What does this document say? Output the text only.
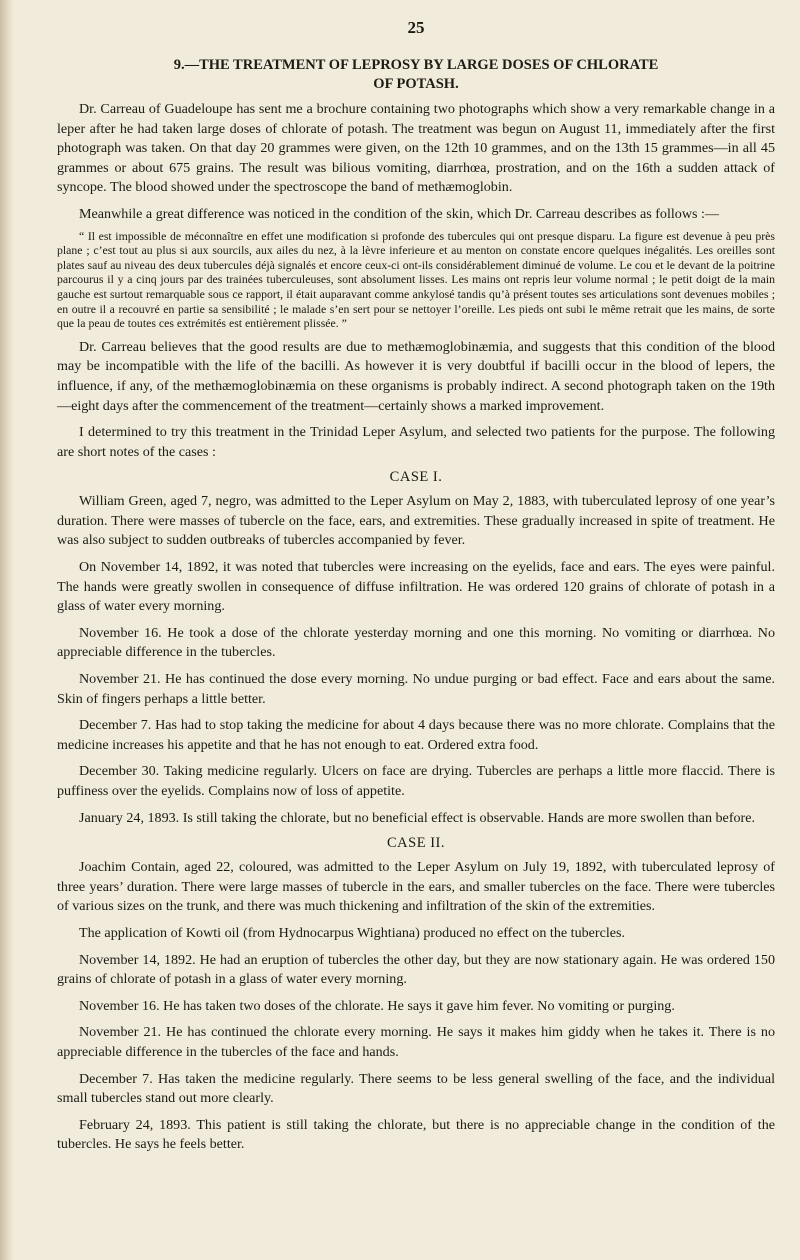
25
9.—THE TREATMENT OF LEPROSY BY LARGE DOSES OF CHLORATE
OF POTASH.

Dr. Carreau of Guadeloupe has sent me a brochure containing two photographs which show a very remarkable change in a leper after he had taken large doses of chlorate of potash. The treatment was begun on August 11, immediately after the first photograph was taken. On that day 20 grammes were given, on the 12th 10 grammes, and on the 13th 15 grammes—in all 45 grammes or about 675 grains. The result was bilious vomiting, diarrhœa, prostration, and on the 16th a sudden attack of syncope. The blood showed under the spectroscope the band of methæmoglobin.

Meanwhile a great difference was noticed in the condition of the skin, which Dr. Carreau describes as follows :—

“ Il est impossible de méconnaître en effet une modification si profonde des tubercules qui ont presque disparu. La figure est devenue à peu près plane ; c’est tout au plus si aux sourcils, aux ailes du nez, à la lèvre inferieure et au menton on constate encore quelques inégalités. Les oreilles sont plates sauf au niveau des deux tubercules déjà signalés et encore ceux-ci ont-ils considérablement diminué de volume. Le cou et le devant de la poitrine parcourus il y a cinq jours par des trainées tuberculeuses, sont absolument lisses. Les mains ont repris leur volume normal ; le petit doigt de la main gauche est surtout remarquable sous ce rapport, il était auparavant comme ankylosé tandis qu’à présent toutes ses articulations sont devenues mobiles ; en outre il a recouvré en partie sa sensibilité ; le malade s’en sert pour se nettoyer l’oreille. Les pieds ont subi le même retrait que les mains, de sorte que la peau de toutes ces extrémités est entièrement plissée. ”

Dr. Carreau believes that the good results are due to methæmoglobinæmia, and suggests that this condition of the blood may be incompatible with the life of the bacilli. As however it is very doubtful if bacilli occur in the blood of lepers, the influence, if any, of the methæmoglobinæmia on these organisms is probably indirect. A second photograph taken on the 19th—eight days after the commencement of the treatment—certainly shows a marked improvement.

I determined to try this treatment in the Trinidad Leper Asylum, and selected two patients for the purpose. The following are short notes of the cases :

CASE I.

William Green, aged 7, negro, was admitted to the Leper Asylum on May 2, 1883, with tuberculated leprosy of one year’s duration. There were masses of tubercle on the face, ears, and extremities. These gradually increased in spite of treatment. He was also subject to sudden outbreaks of tubercles accompanied by fever.

On November 14, 1892, it was noted that tubercles were increasing on the eyelids, face and ears. The eyes were painful. The hands were greatly swollen in consequence of diffuse infiltration. He was ordered 120 grains of chlorate of potash in a glass of water every morning.

November 16. He took a dose of the chlorate yesterday morning and one this morning. No vomiting or diarrhœa. No appreciable difference in the tubercles.

November 21. He has continued the dose every morning. No undue purging or bad effect. Face and ears about the same. Skin of fingers perhaps a little better.

December 7. Has had to stop taking the medicine for about 4 days because there was no more chlorate. Complains that the medicine increases his appetite and that he has not enough to eat. Ordered extra food.

December 30. Taking medicine regularly. Ulcers on face are drying. Tubercles are perhaps a little more flaccid. There is puffiness over the eyelids. Complains now of loss of appetite.

January 24, 1893. Is still taking the chlorate, but no beneficial effect is observable. Hands are more swollen than before.

CASE II.

Joachim Contain, aged 22, coloured, was admitted to the Leper Asylum on July 19, 1892, with tuberculated leprosy of three years’ duration. There were large masses of tubercle in the ears, and smaller tubercles on the face. There were tubercles of various sizes on the trunk, and there was much thickening and infiltration of the skin of the extremities.

The application of Kowti oil (from Hydnocarpus Wightiana) produced no effect on the tubercles.

November 14, 1892. He had an eruption of tubercles the other day, but they are now stationary again. He was ordered 150 grains of chlorate of potash in a glass of water every morning.

November 16. He has taken two doses of the chlorate. He says it gave him fever. No vomiting or purging.

November 21. He has continued the chlorate every morning. He says it makes him giddy when he takes it. There is no appreciable difference in the tubercles of the face and hands.

December 7. Has taken the medicine regularly. There seems to be less general swelling of the face, and the individual small tubercles stand out more clearly.

February 24, 1893. This patient is still taking the chlorate, but there is no appreciable change in the condition of the tubercles. He says he feels better.
